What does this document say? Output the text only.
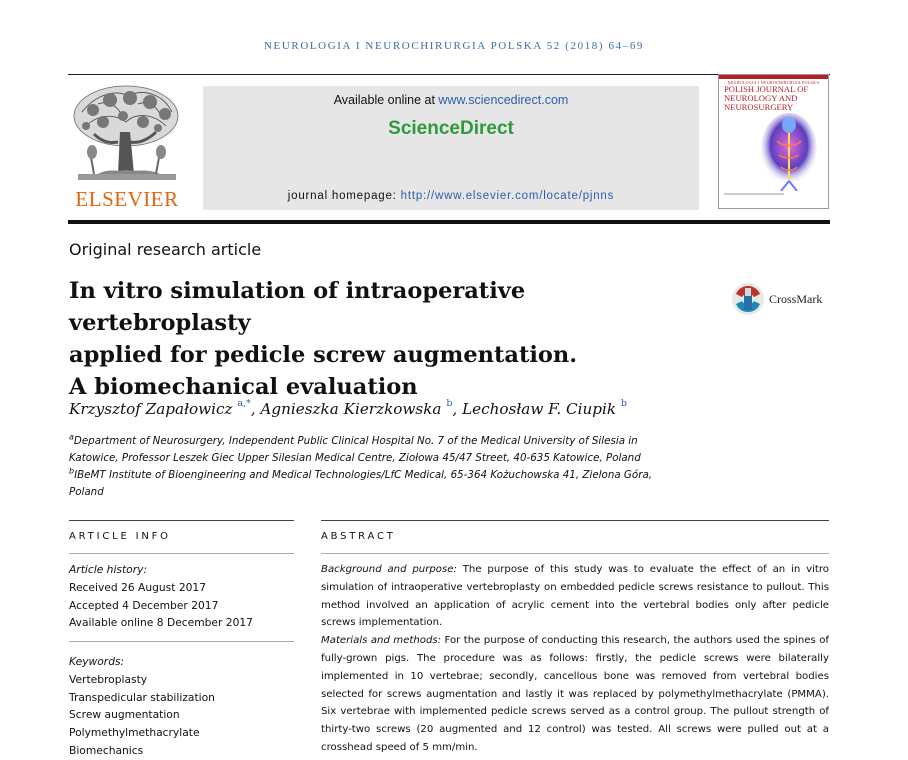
NEUROLOGIA I NEUROCHIRURGIA POLSKA 52 (2018) 64–69
ELSEVIER
Available online at www.sciencedirect.com
ScienceDirect
journal homepage: http://www.elsevier.com/locate/pjnns
NEUROLOGIA I NEUROCHIRURGIA POLSKA
POLISH JOURNAL OF NEUROLOGY AND NEUROSURGERY
Original research article
In vitro simulation of intraoperative vertebroplasty
applied for pedicle screw augmentation.
A biomechanical evaluation
CrossMark
Krzysztof Zapałowicz $^{a,*}$, Agnieszka Kierzkowska $^b$, Lechosław F. Ciupik $^b$
$^a$Department of Neurosurgery, Independent Public Clinical Hospital No. 7 of the Medical University of Silesia in
Katowice, Professor Leszek Giec Upper Silesian Medical Centre, Ziołowa 45/47 Street, 40-635 Katowice, Poland
$^b$IBeMT Institute of Bioengineering and Medical Technologies/LfC Medical, 65-364 Kożuchowska 41, Zielona Góra,
Poland
ARTICLE INFO
Article history:
Received 26 August 2017
Accepted 4 December 2017
Available online 8 December 2017
Keywords:
Vertebroplasty
Transpedicular stabilization
Screw augmentation
Polymethylmethacrylate
Biomechanics
ABSTRACT

Background and purpose: The purpose of this study was to evaluate the effect of an in vitro simulation of intraoperative vertebroplasty on embedded pedicle screws resistance to pullout. This method involved an application of acrylic cement into the vertebral bodies only after pedicle screws implementation.

Materials and methods: For the purpose of conducting this research, the authors used the spines of fully-grown pigs. The procedure was as follows: firstly, the pedicle screws were bilaterally implemented in 10 vertebrae; secondly, cancellous bone was removed from vertebral bodies selected for screws augmentation and lastly it was replaced by polymethylmethacrylate (PMMA). Six vertebrae with implemented pedicle screws served as a control group. The pullout strength of thirty-two screws (20 augmented and 12 control) was tested. All screws were pulled out at a crosshead speed of 5 mm/min.
